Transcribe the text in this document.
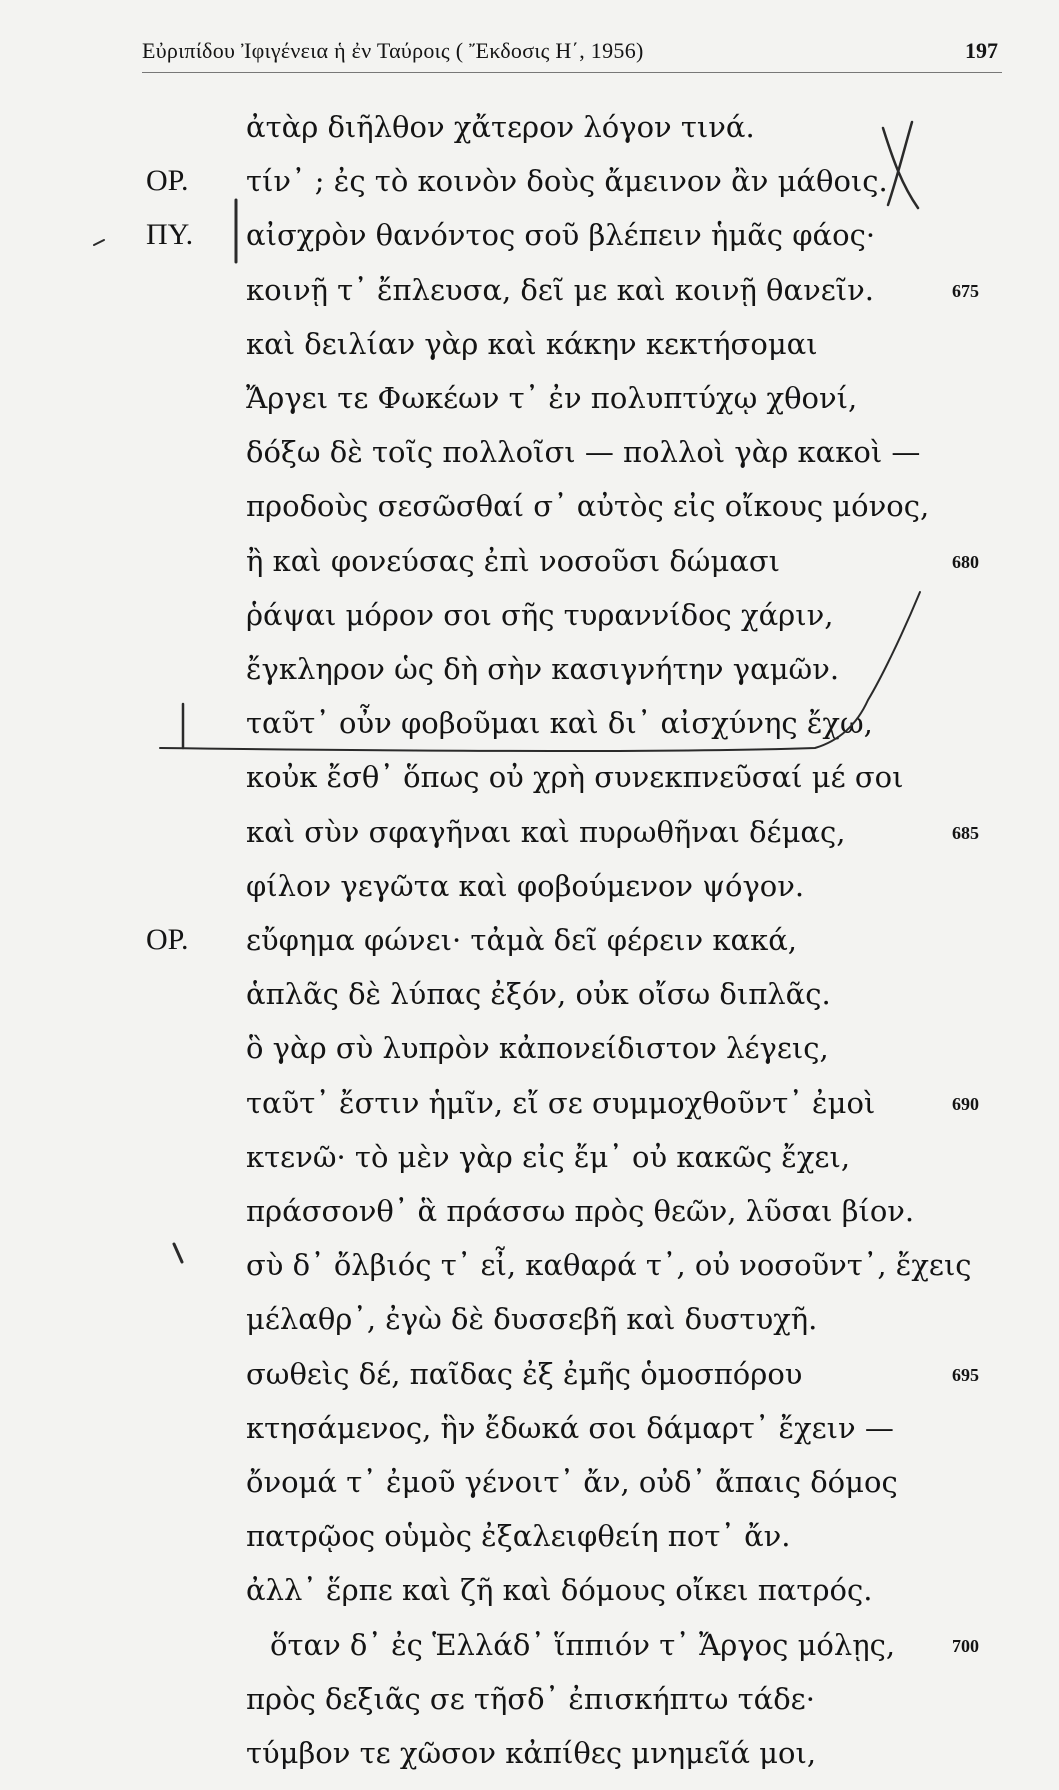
Εὐριπίδου Ἰφιγένεια ἡ ἐν Ταύροις ( Ἔκδοσις Η΄, 1956)	197
ἀτὰρ διῆλθον χἄτερον λόγον τινά.
ΟΡ. τίν᾽ ; ἐς τὸ κοινὸν δοὺς ἄμεινον ἂν μάθοις.
ΠΥ. αἰσχρὸν θανόντος σοῦ βλέπειν ἡμᾶς φάος·
κοινῇ τ᾽ ἔπλευσα, δεῖ με καὶ κοινῇ θανεῖν.	675
καὶ δειλίαν γὰρ καὶ κάκην κεκτήσομαι
Ἄργει τε Φωκέων τ᾽ ἐν πολυπτύχῳ χθονί,
δόξω δὲ τοῖς πολλοῖσι — πολλοὶ γὰρ κακοὶ —
προδοὺς σεσῶσθαί σ᾽ αὐτὸς εἰς οἴκους μόνος,
ἢ καὶ φονεύσας ἐπὶ νοσοῦσι δώμασι	680
ῥάψαι μόρον σοι σῆς τυραννίδος χάριν,
ἔγκληρον ὡς δὴ σὴν κασιγνήτην γαμῶν.
ταῦτ᾽ οὖν φοβοῦμαι καὶ δι᾽ αἰσχύνης ἔχω,
κοὐκ ἔσθ᾽ ὅπως οὐ χρὴ συνεκπνεῦσαί μέ σοι
καὶ σὺν σφαγῆναι καὶ πυρωθῆναι δέμας,	685
φίλον γεγῶτα καὶ φοβούμενον ψόγον.
ΟΡ. εὔφημα φώνει· τἀμὰ δεῖ φέρειν κακά,
ἁπλᾶς δὲ λύπας ἐξόν, οὐκ οἴσω διπλᾶς.
ὃ γὰρ σὺ λυπρὸν κἀπονείδιστον λέγεις,
ταῦτ᾽ ἔστιν ἡμῖν, εἴ σε συμμοχθοῦντ᾽ ἐμοὶ	690
κτενῶ· τὸ μὲν γὰρ εἰς ἔμ᾽ οὐ κακῶς ἔχει,
πράσσονθ᾽ ἃ πράσσω πρὸς θεῶν, λῦσαι βίον.
σὺ δ᾽ ὄλβιός τ᾽ εἶ, καθαρά τ᾽, οὐ νοσοῦντ᾽, ἔχεις
μέλαθρ᾽, ἐγὼ δὲ δυσσεβῆ καὶ δυστυχῆ.
σωθεὶς δέ, παῖδας ἐξ ἐμῆς ὁμοσπόρου	695
κτησάμενος, ἣν ἔδωκά σοι δάμαρτ᾽ ἔχειν —
ὄνομά τ᾽ ἐμοῦ γένοιτ᾽ ἄν, οὐδ᾽ ἄπαις δόμος
πατρῷος οὑμὸς ἐξαλειφθείη ποτ᾽ ἄν.
ἀλλ᾽ ἕρπε καὶ ζῆ καὶ δόμους οἴκει πατρός.
ὅταν δ᾽ ἐς Ἑλλάδ᾽ ἵππιόν τ᾽ Ἄργος μόλῃς,	700
πρὸς δεξιᾶς σε τῆσδ᾽ ἐπισκήπτω τάδε·
τύμβον τε χῶσον κἀπίθες μνημεῖά μοι,
